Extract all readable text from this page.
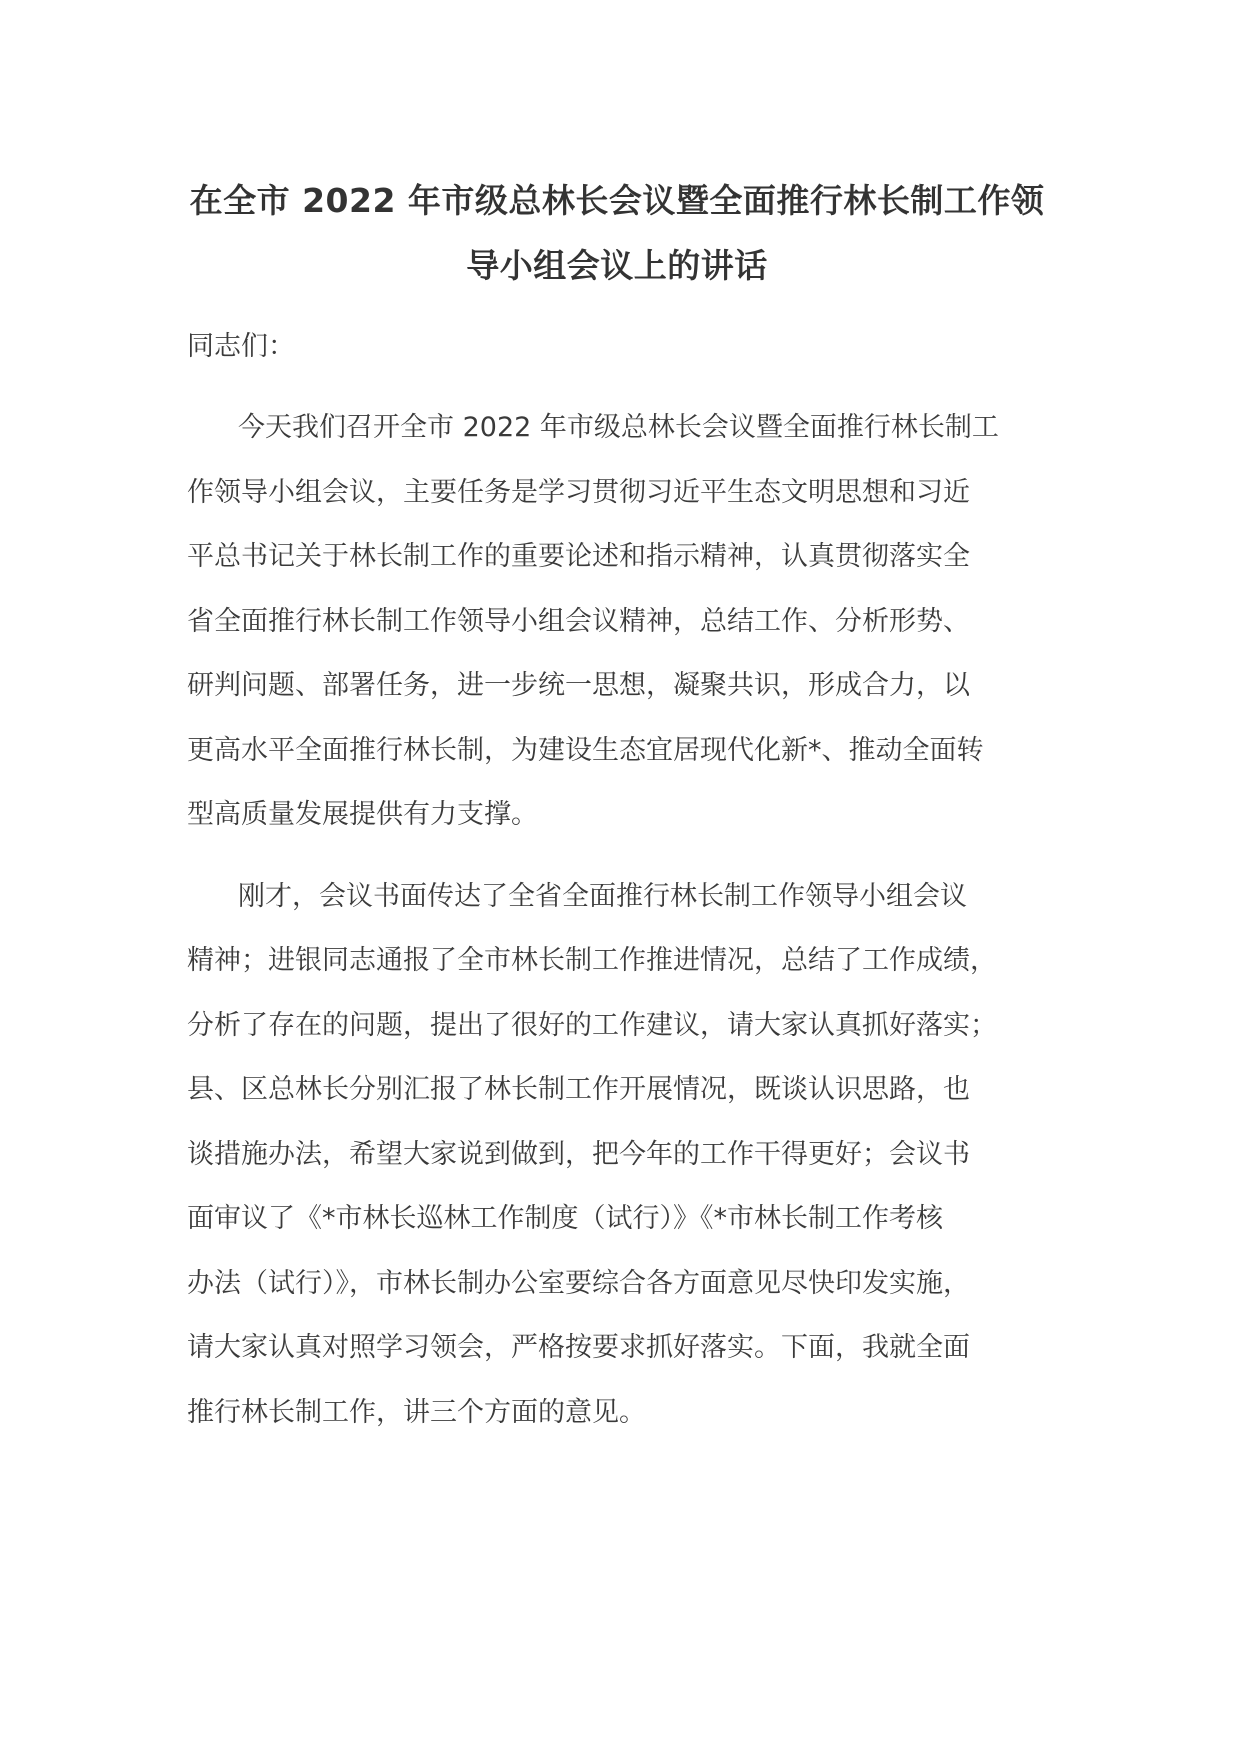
在全市 2022 年市级总林长会议暨全面推行林长制工作领
导小组会议上的讲话

同志们：

今天我们召开全市 2022 年市级总林长会议暨全面推行林长制工
作领导小组会议，主要任务是学习贯彻习近平生态文明思想和习近
平总书记关于林长制工作的重要论述和指示精神，认真贯彻落实全
省全面推行林长制工作领导小组会议精神，总结工作、分析形势、
研判问题、部署任务，进一步统一思想，凝聚共识，形成合力，以
更高水平全面推行林长制，为建设生态宜居现代化新*、推动全面转
型高质量发展提供有力支撑。

刚才，会议书面传达了全省全面推行林长制工作领导小组会议
精神；进银同志通报了全市林长制工作推进情况，总结了工作成绩，
分析了存在的问题，提出了很好的工作建议，请大家认真抓好落实；
县、区总林长分别汇报了林长制工作开展情况，既谈认识思路，也
谈措施办法，希望大家说到做到，把今年的工作干得更好；会议书
面审议了《*市林长巡林工作制度（试行）》《*市林长制工作考核
办法（试行）》，市林长制办公室要综合各方面意见尽快印发实施，
请大家认真对照学习领会，严格按要求抓好落实。下面，我就全面
推行林长制工作，讲三个方面的意见。
